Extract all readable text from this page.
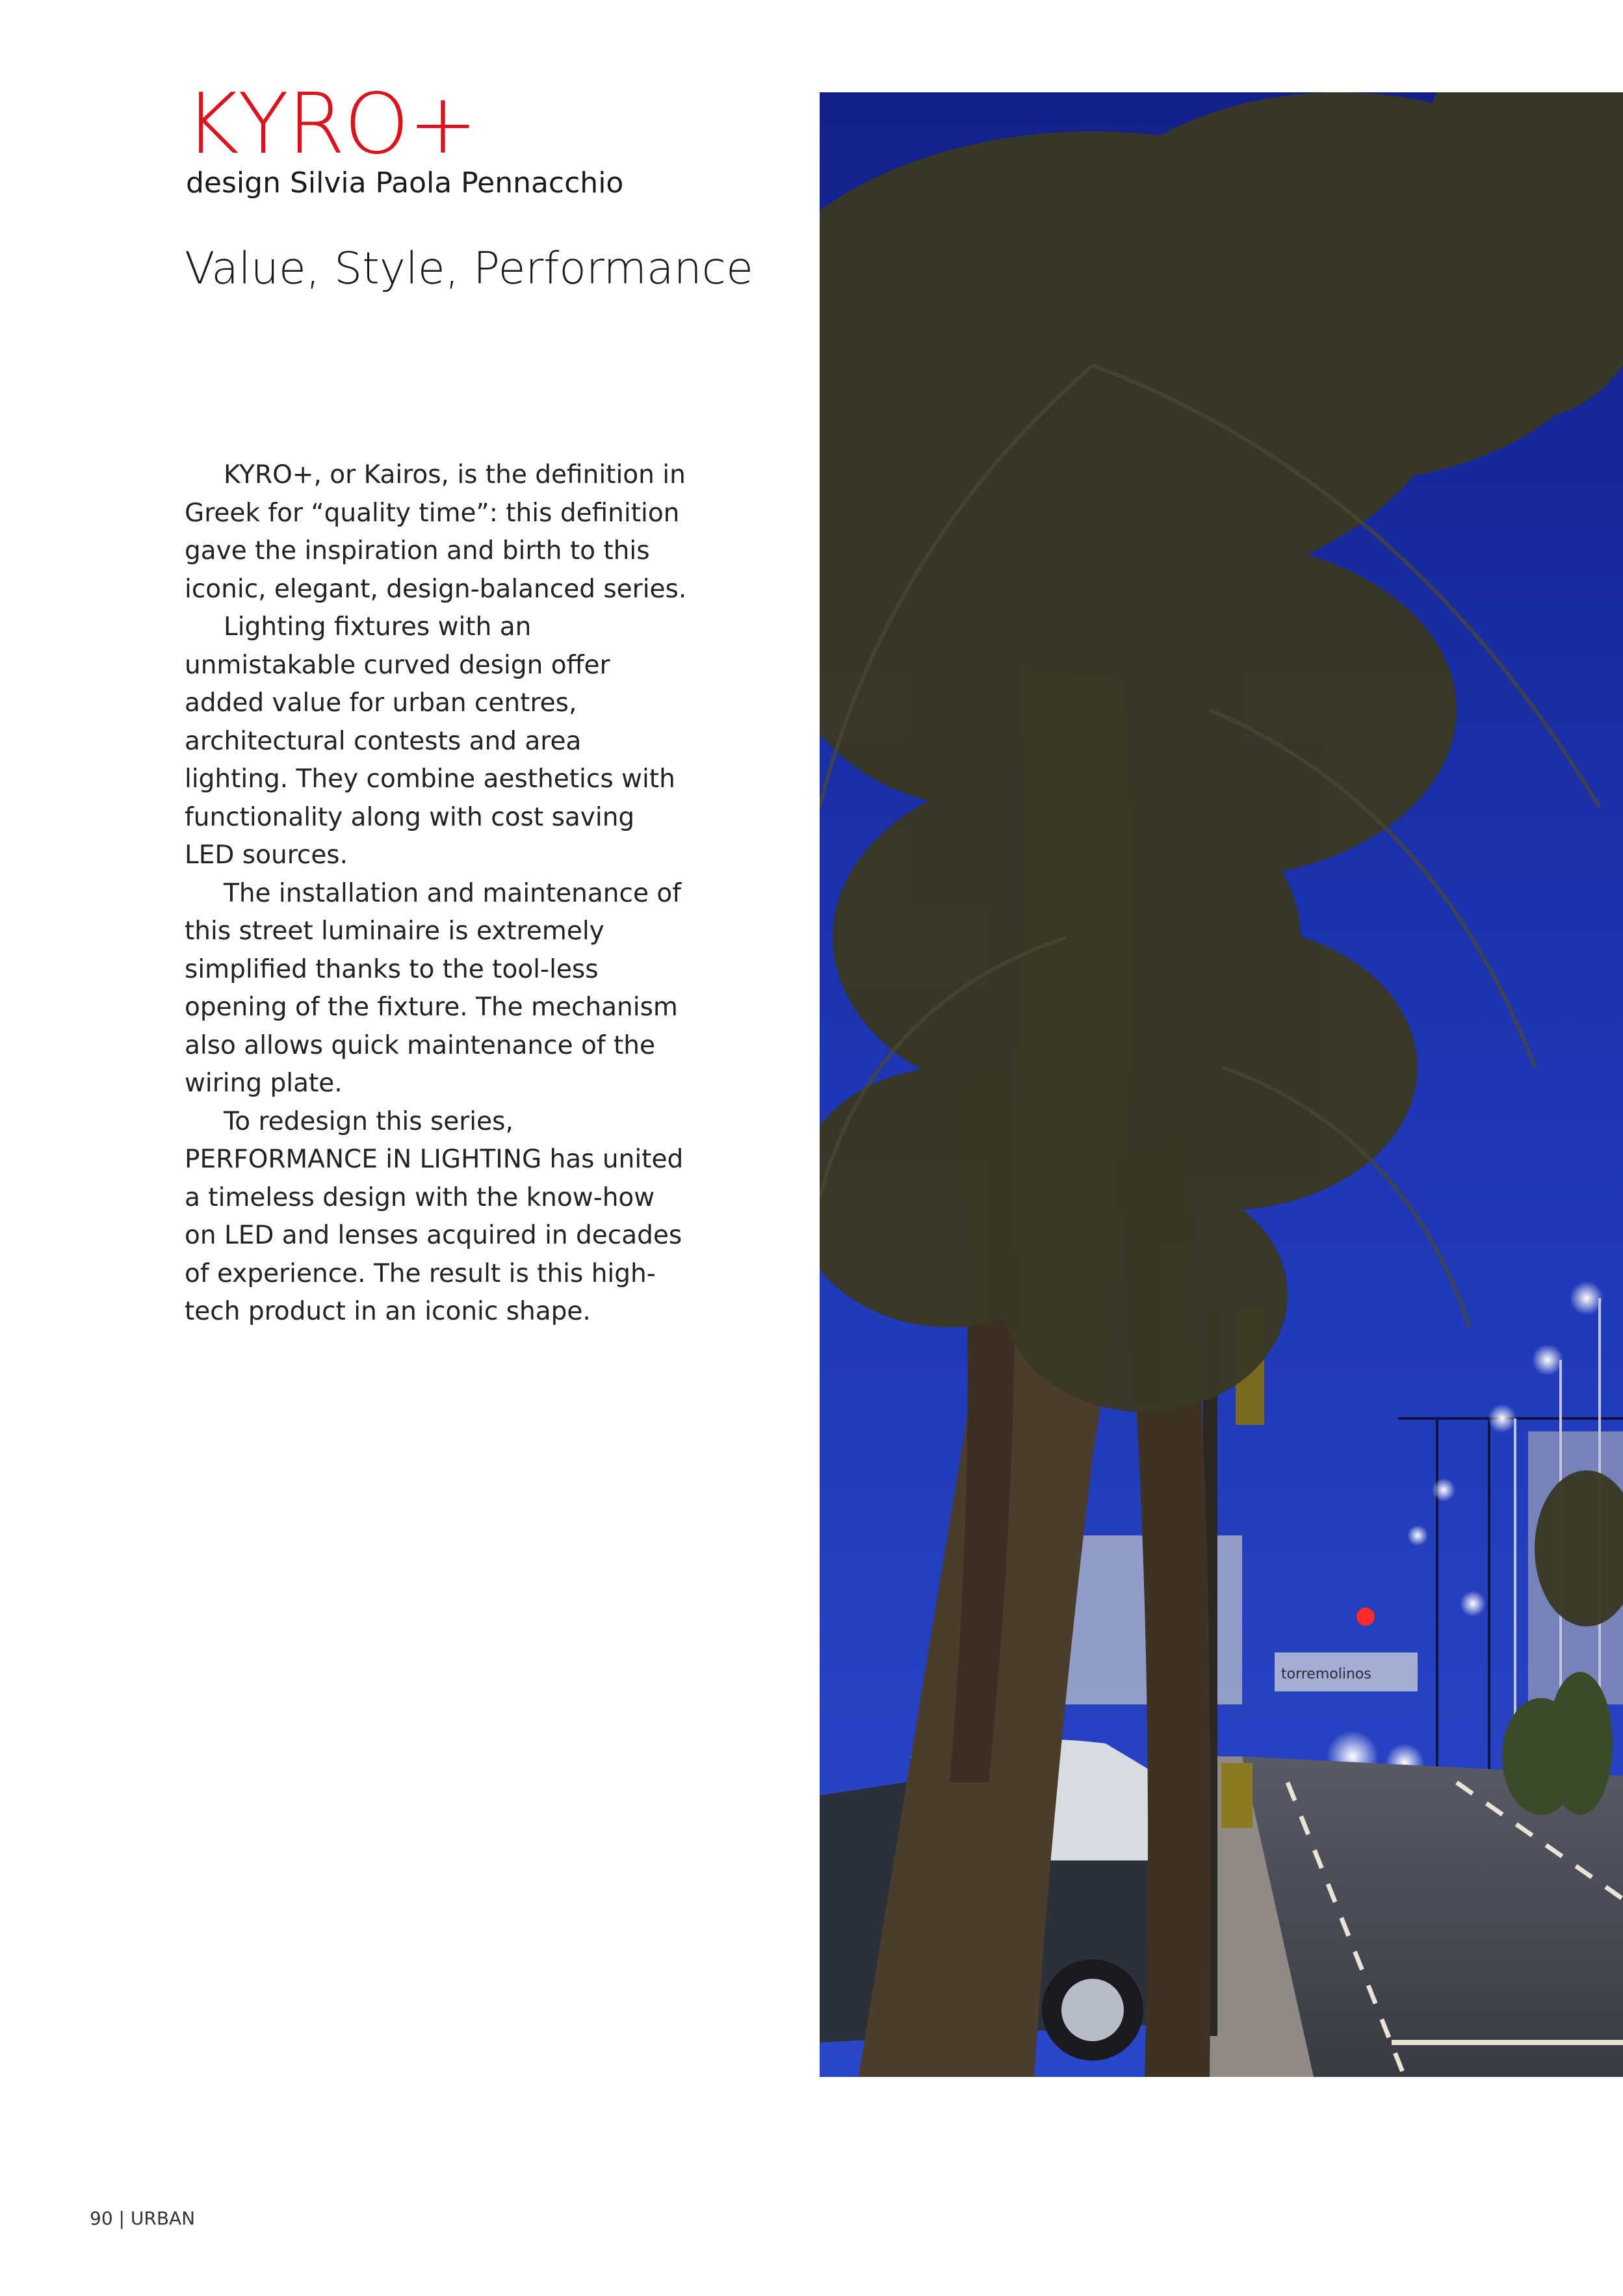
KYRO+
design Silvia Paola Pennacchio
Value, Style, Performance

KYRO+, or Kairos, is the definition in Greek for “quality time”: this definition gave the inspiration and birth to this iconic, elegant, design-balanced series.

Lighting fixtures with an unmistakable curved design offer added value for urban centres, architectural contests and area lighting. They combine aesthetics with functionality along with cost saving LED sources.

The installation and maintenance of this street luminaire is extremely simplified thanks to the tool-less opening of the fixture. The mechanism also allows quick maintenance of the wiring plate.

To redesign this series, PERFORMANCE iN LIGHTING has united a timeless design with the know-how on LED and lenses acquired in decades of experience. The result is this high-tech product in an iconic shape.

torremolinos
90 | URBAN
